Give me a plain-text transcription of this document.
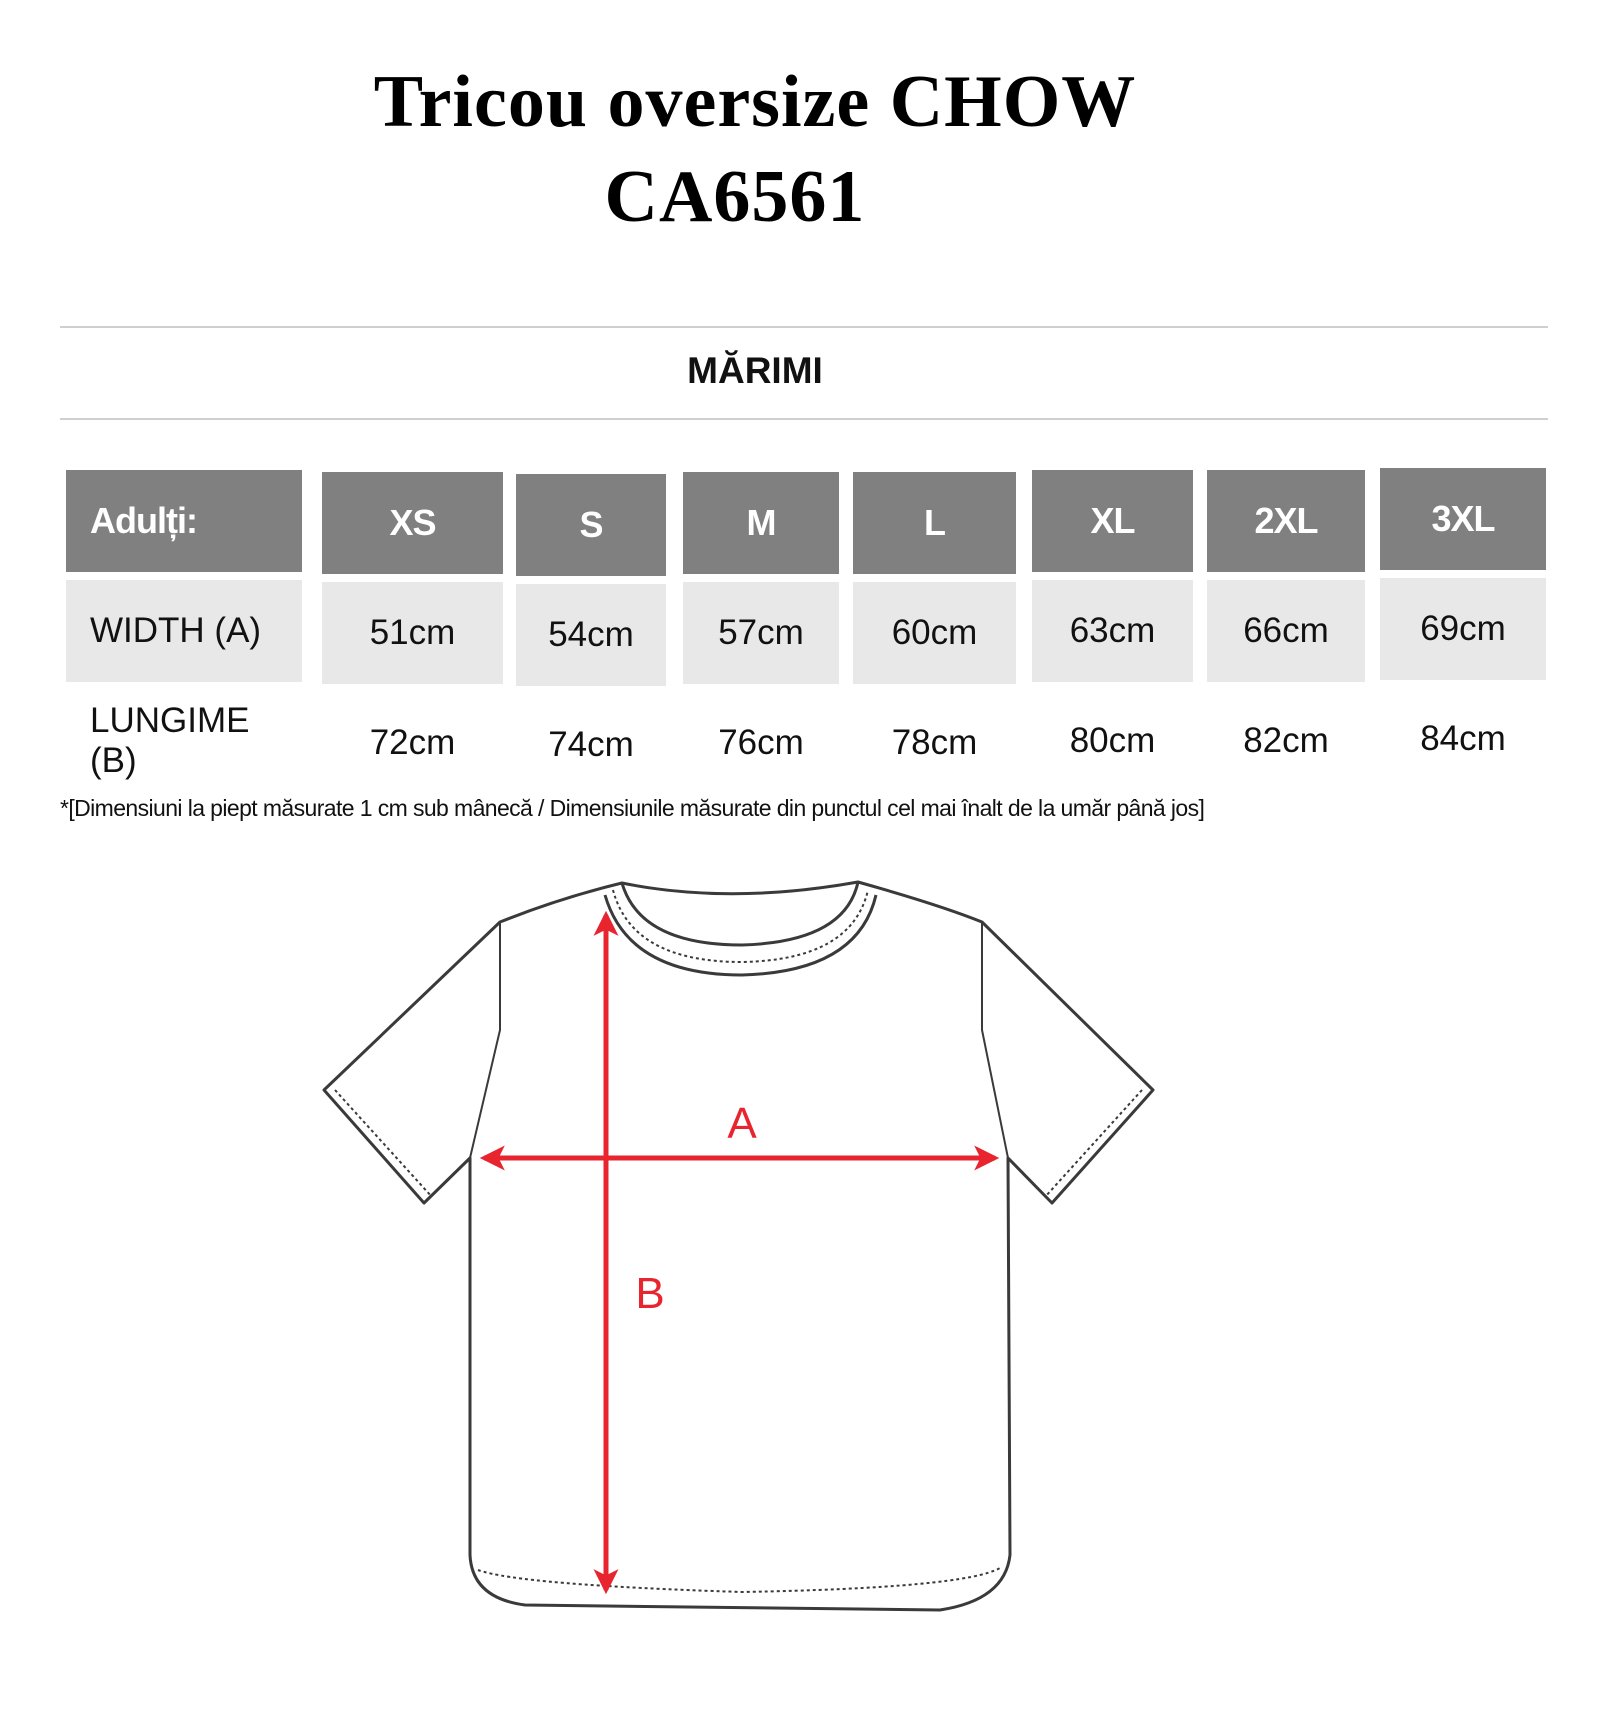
Tricou oversize CHOW
CA6561
MĂRIMI
Adulți:
WIDTH (A)
LUNGIME (B)
XS
51cm
72cm
S
54cm
74cm
M
57cm
76cm
L
60cm
78cm
XL
63cm
80cm
2XL
66cm
82cm
3XL
69cm
84cm
*[Dimensiuni la piept măsurate 1 cm sub mânecă / Dimensiunile măsurate din punctul cel mai înalt de la umăr până jos]
A
B
